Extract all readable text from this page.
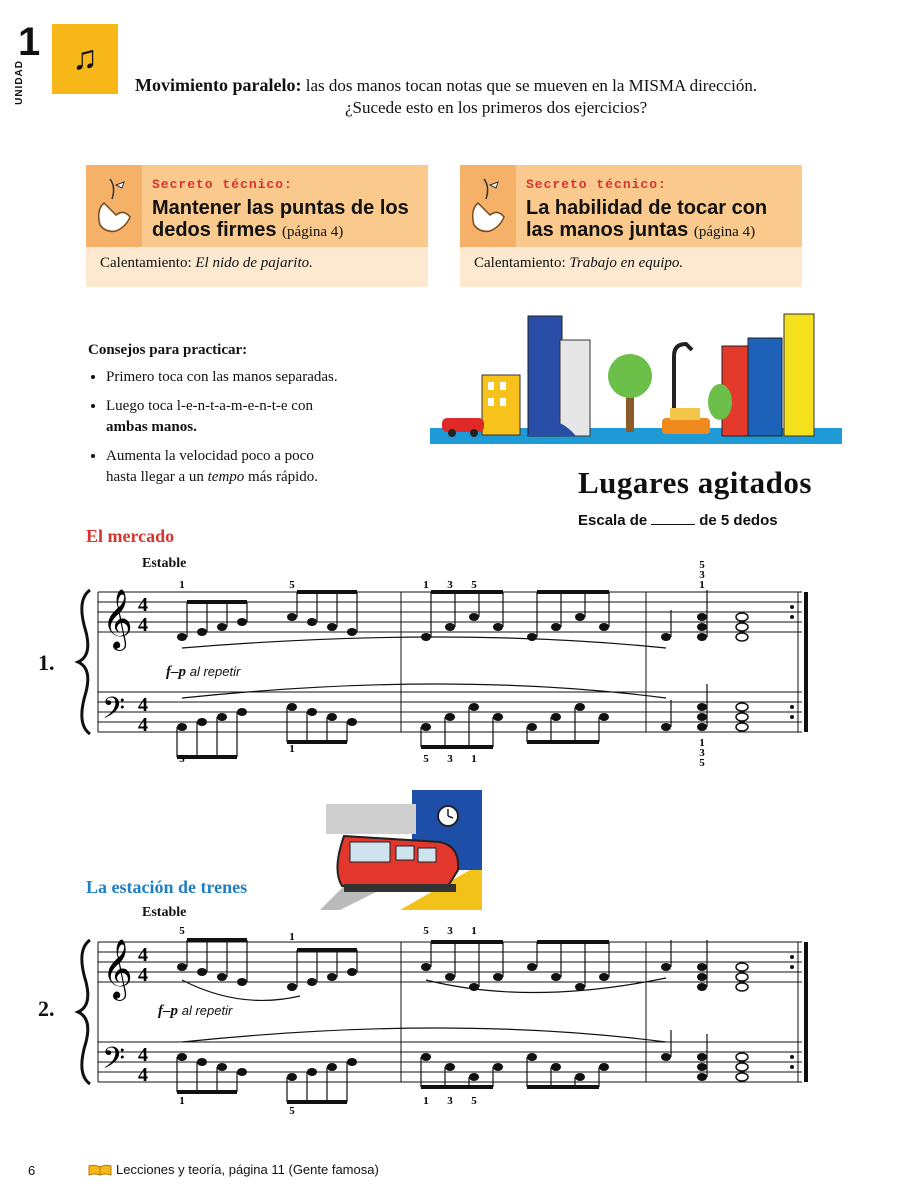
1
UNIDAD
♫
Movimiento paralelo: las dos manos tocan notas que se mueven en la MISMA dirección.
¿Sucede esto en los primeros dos ejercicios?
Secreto técnico:
Mantener las puntas de los dedos firmes (página 4)
Calentamiento: El nido de pajarito.
Secreto técnico:
La habilidad de tocar con las manos juntas (página 4)
Calentamiento: Trabajo en equipo.
Consejos para practicar:
• Primero toca con las manos separadas.
• Luego toca l-e-n-t-a-m-e-n-t-e con
ambas manos.
• Aumenta la velocidad poco a poco
hasta llegar a un tempo más rápido.	Lugares agitados
Escala de	de 5 dedos
El mercado
Estable
1.	f–p al repetir
𝄞
𝄢
4
4
4
4
1	5	1 3 5
5
3
1
5
1
5 3 1
1
3
5
La estación de trenes
Estable
2.	f–p al repetir
𝄞
𝄢
4
4
4
4
5	1	5 3 1
1
5
1 3 5
6	Lecciones y teoría, página 11 (Gente famosa)
